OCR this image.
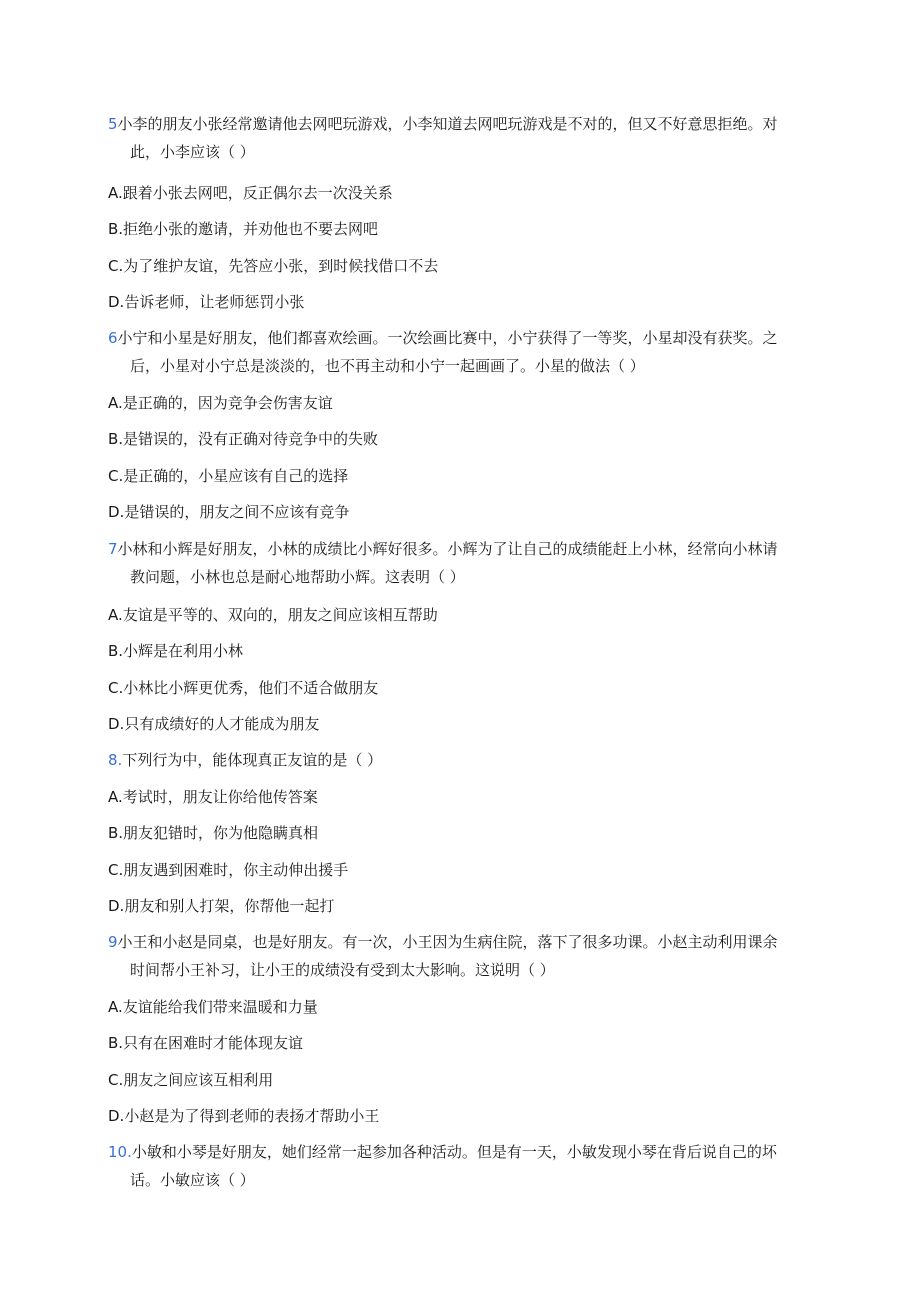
5小李的朋友小张经常邀请他去网吧玩游戏，小李知道去网吧玩游戏是不对的，但又不好意思拒绝。对
此，小李应该（ ）

A.跟着小张去网吧，反正偶尔去一次没关系

B.拒绝小张的邀请，并劝他也不要去网吧

C.为了维护友谊，先答应小张，到时候找借口不去

D.告诉老师，让老师惩罚小张

6小宁和小星是好朋友，他们都喜欢绘画。一次绘画比赛中，小宁获得了一等奖，小星却没有获奖。之
后，小星对小宁总是淡淡的，也不再主动和小宁一起画画了。小星的做法（ ）

A.是正确的，因为竞争会伤害友谊

B.是错误的，没有正确对待竞争中的失败

C.是正确的，小星应该有自己的选择

D.是错误的，朋友之间不应该有竞争

7小林和小辉是好朋友，小林的成绩比小辉好很多。小辉为了让自己的成绩能赶上小林，经常向小林请
教问题，小林也总是耐心地帮助小辉。这表明（ ）

A.友谊是平等的、双向的，朋友之间应该相互帮助

B.小辉是在利用小林

C.小林比小辉更优秀，他们不适合做朋友

D.只有成绩好的人才能成为朋友

8.下列行为中，能体现真正友谊的是（ ）

A.考试时，朋友让你给他传答案

B.朋友犯错时，你为他隐瞒真相

C.朋友遇到困难时，你主动伸出援手

D.朋友和别人打架，你帮他一起打

9小王和小赵是同桌，也是好朋友。有一次，小王因为生病住院，落下了很多功课。小赵主动利用课余
时间帮小王补习，让小王的成绩没有受到太大影响。这说明（ ）

A.友谊能给我们带来温暖和力量

B.只有在困难时才能体现友谊

C.朋友之间应该互相利用

D.小赵是为了得到老师的表扬才帮助小王

10.小敏和小琴是好朋友，她们经常一起参加各种活动。但是有一天，小敏发现小琴在背后说自己的坏
话。小敏应该（ ）
